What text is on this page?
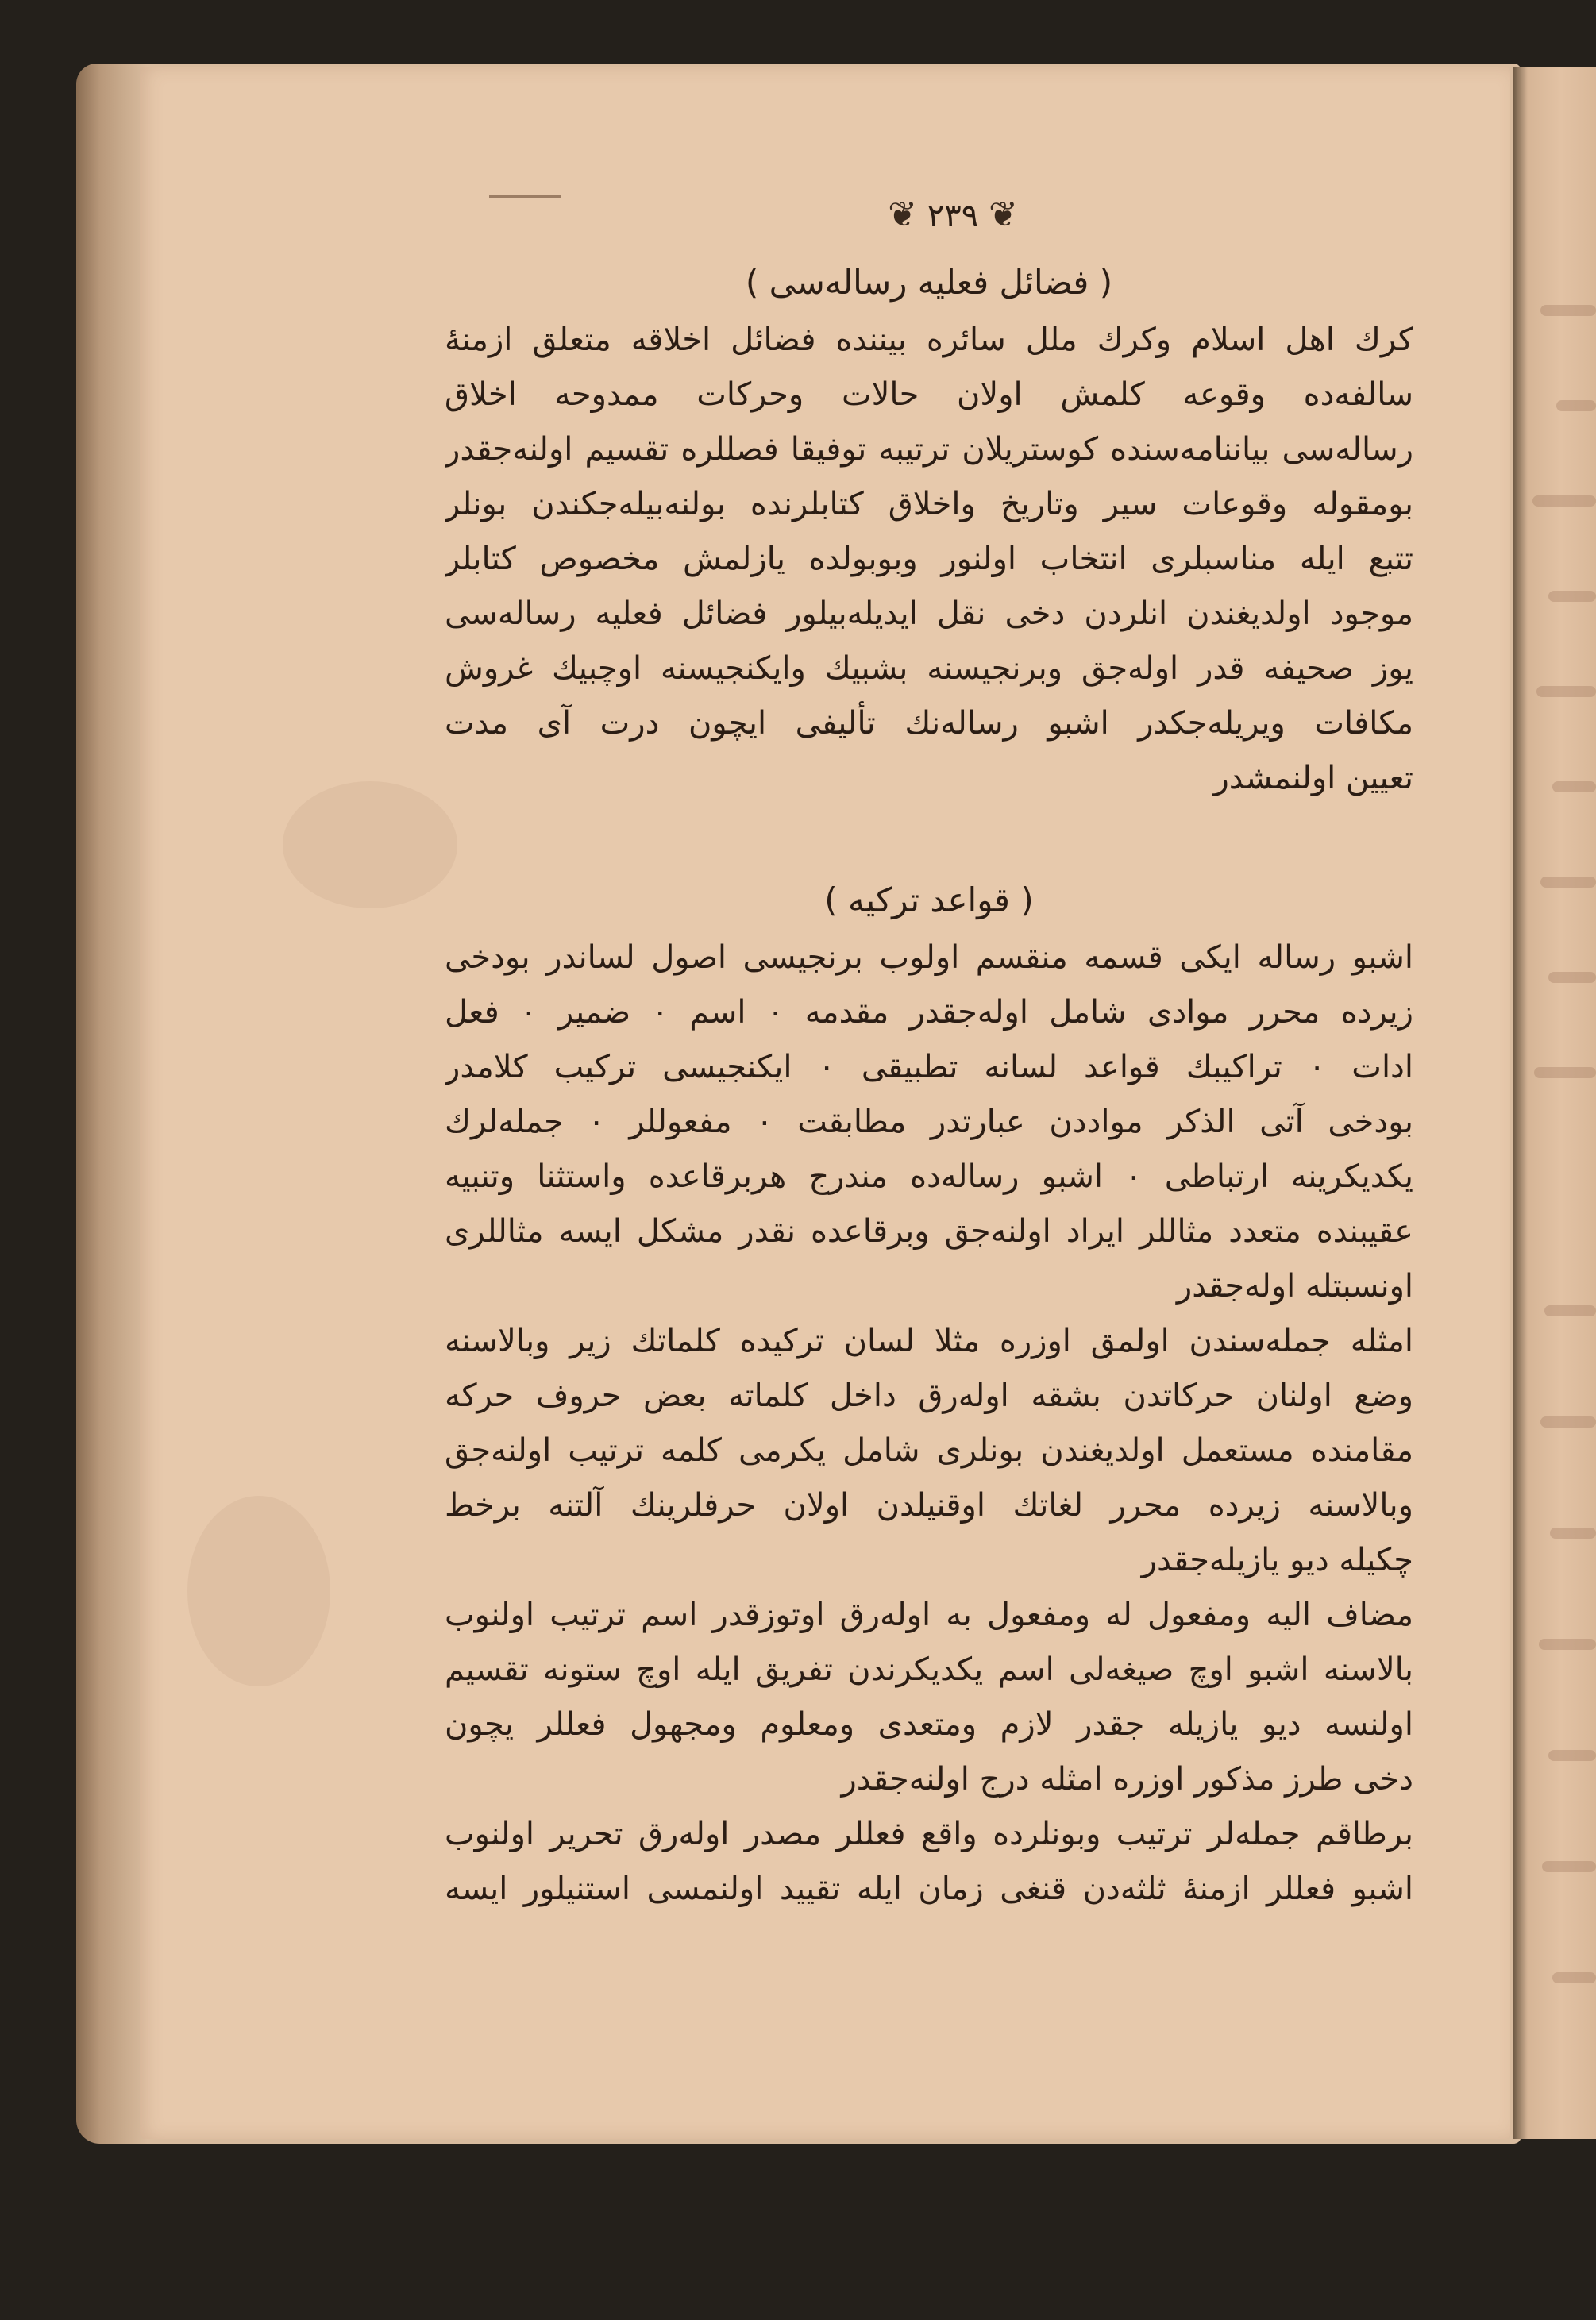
❦ ٢٣٩ ❦
( فضائل فعليه رساله‌سى )
كرك اهل اسلام وكرك ملل سائره بيننده فضائل اخلاقه متعلق ازمنهٔ
سالفه‌ده وقوعه كلمش اولان حالات وحركات ممدوحه اخلاق
رساله‌سى بياننامه‌سنده كوستريلان ترتيبه توفيقا فصللره تقسيم اولنه‌جقدر
بومقوله وقوعات سير وتاريخ واخلاق كتابلرنده بولنه‌بيله‌جكندن بونلر
تتبع ايله مناسبلرى انتخاب اولنور وبوبولده يازلمش مخصوص كتابلر
موجود اولديغندن انلردن دخى نقل ايديله‌بيلور فضائل فعليه رساله‌سى
يوز صحيفه قدر اوله‌جق وبرنجيسنه بشبيك وايكنجيسنه اوچبيك غروش
مكافات ويريله‌جكدر اشبو رساله‌نك تأليفى ايچون درت آى مدت
تعيين اولنمشدر
( قواعد تركيه )
اشبو رساله ايكى قسمه منقسم اولوب برنجيسى اصول لساندر بودخى
زيرده محرر موادى شامل اوله‌جقدر مقدمه ٠ اسم ٠ ضمير ٠ فعل
ادات ٠ تراكيبك قواعد لسانه تطبيقى ٠ ايكنجيسى تركيب كلامدر
بودخى آتى الذكر مواددن عبارتدر مطابقت ٠ مفعوللر ٠ جمله‌لرك
يكديكرينه ارتباطى ٠ اشبو رساله‌ده مندرج هربرقاعده واستثنا وتنبيه
عقيبنده متعدد مثاللر ايراد اولنه‌جق وبرقاعده نقدر مشكل ايسه مثاللرى
اونسبتله اوله‌جقدر
امثله جمله‌سندن اولمق اوزره مثلا لسان تركيده كلماتك زير وبالاسنه
وضع اولنان حركاتدن بشقه اوله‌رق داخل كلماته بعض حروف حركه
مقامنده مستعمل اولديغندن بونلرى شامل يكرمى كلمه ترتيب اولنه‌جق
وبالاسنه زيرده محرر لغاتك اوقنيلدن اولان حرفلرينك آلتنه برخط
چكيله ديو يازيله‌جقدر
مضاف اليه ومفعول له ومفعول به اوله‌رق اوتوزقدر اسم ترتيب اولنوب
بالاسنه اشبو اوچ صيغه‌لى اسم يكديكرندن تفريق ايله اوچ ستونه تقسيم
اولنسه ديو يازيله جقدر لازم ومتعدى ومعلوم ومجهول فعللر يچون
دخى طرز مذكور اوزره امثله درج اولنه‌جقدر
برطاقم جمله‌لر ترتيب وبونلرده واقع فعللر مصدر اوله‌رق تحرير اولنوب
اشبو فعللر ازمنهٔ ثلثه‌دن قنغى زمان ايله تقييد اولنمسى استنيلور ايسه
